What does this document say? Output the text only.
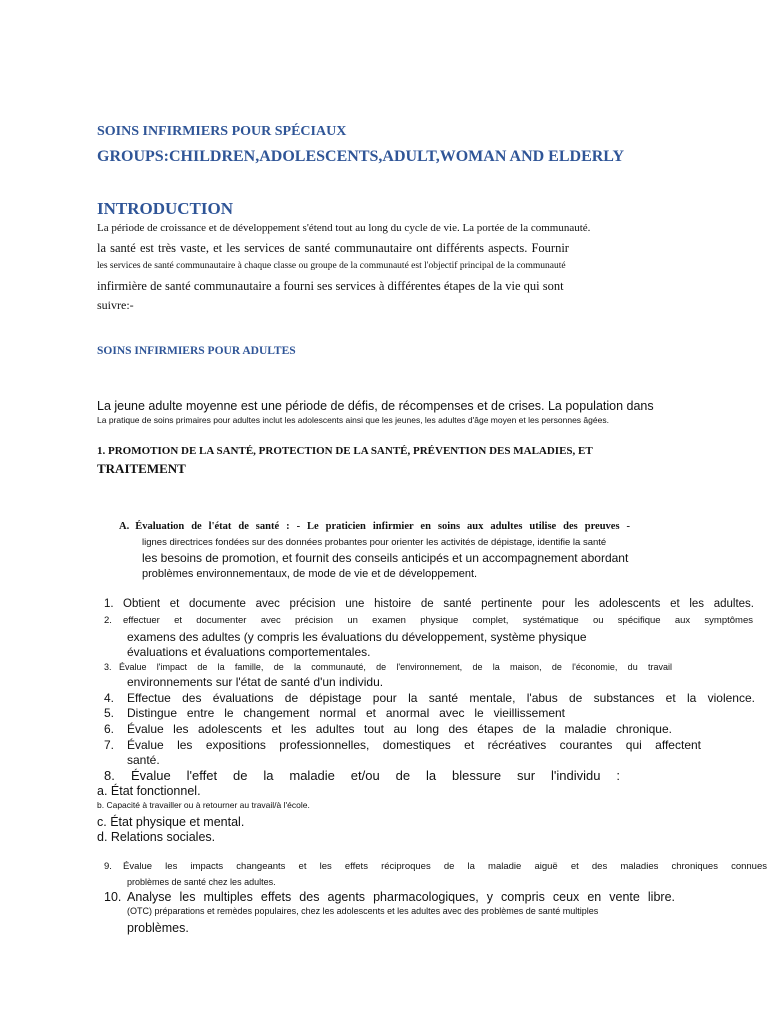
SOINS INFIRMIERS POUR SPÉCIAUX
GROUPS:CHILDREN,ADOLESCENTS,ADULT,WOMAN AND ELDERLY
INTRODUCTION
La période de croissance et de développement s'étend tout au long du cycle de vie. La portée de la communauté.
la santé est très vaste, et les services de santé communautaire ont différents aspects. Fournir
les services de santé communautaire à chaque classe ou groupe de la communauté est l'objectif principal de la communauté
infirmière de santé communautaire a fourni ses services à différentes étapes de la vie qui sont
suivre:-
SOINS INFIRMIERS POUR ADULTES
La jeune adulte moyenne est une période de défis, de récompenses et de crises. La population dans
La pratique de soins primaires pour adultes inclut les adolescents ainsi que les jeunes, les adultes d'âge moyen et les personnes âgées.
1. PROMOTION DE LA SANTÉ, PROTECTION DE LA SANTÉ, PRÉVENTION DES MALADIES, ET
TRAITEMENT
A. Évaluation de l'état de santé : - Le praticien infirmier en soins aux adultes utilise des preuves -
lignes directrices fondées sur des données probantes pour orienter les activités de dépistage, identifie la santé
les besoins de promotion, et fournit des conseils anticipés et un accompagnement abordant
problèmes environnementaux, de mode de vie et de développement.
1. Obtient et documente avec précision une histoire de santé pertinente pour les adolescents et les adultes.
2. effectuer et documenter avec précision un examen physique complet, systématique ou spécifique aux symptômes
examens des adultes (y compris les évaluations du développement, système physique
évaluations et évaluations comportementales.
3. Évalue l'impact de la famille, de la communauté, de l'environnement, de la maison, de l'économie, du travail
environnements sur l'état de santé d'un individu.
4. Effectue des évaluations de dépistage pour la santé mentale, l'abus de substances et la violence.
5. Distingue entre le changement normal et anormal avec le vieillissement
6. Évalue les adolescents et les adultes tout au long des étapes de la maladie chronique.
7. Évalue les expositions professionnelles, domestiques et récréatives courantes qui affectent
santé.
8. Évalue l'effet de la maladie et/ou de la blessure sur l'individu :
a. État fonctionnel.
b. Capacité à travailler ou à retourner au travail/à l'école.
c. État physique et mental.
d. Relations sociales.
9. Évalue les impacts changeants et les effets réciproques de la maladie aiguë et des maladies chroniques connues
problèmes de santé chez les adultes.
10. Analyse les multiples effets des agents pharmacologiques, y compris ceux en vente libre.
(OTC) préparations et remèdes populaires, chez les adolescents et les adultes avec des problèmes de santé multiples
problèmes.
